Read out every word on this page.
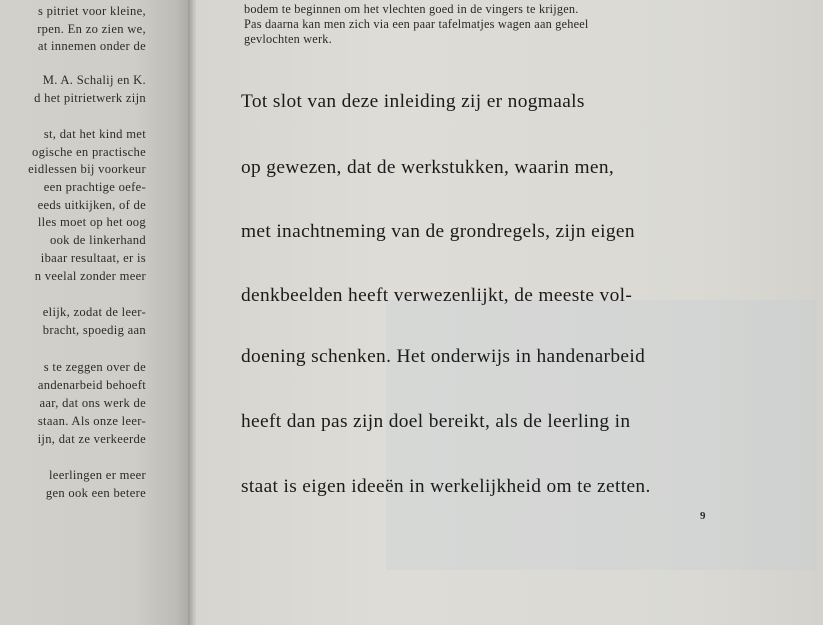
s pitriet voor kleine,
rpen. En zo zien we,
at innemen onder de
M. A. Schalij en K.
d het pitrietwerk zijn
st, dat het kind met
ogische en practische
eidlessen bij voorkeur
een prachtige oefe-
eeds uitkijken, of de
lles moet op het oog
ook de linkerhand
ibaar resultaat, er is
n veelal zonder meer
elijk, zodat de leer-
bracht, spoedig aan
s te zeggen over de
andenarbeid behoeft
aar, dat ons werk de
staan. Als onze leer-
ijn, dat ze verkeerde
leerlingen er meer
gen ook een betere
bodem te beginnen om het vlechten goed in de vingers te krijgen.
Pas daarna kan men zich via een paar tafelmatjes wagen aan geheel
gevlochten werk.
Tot slot van deze inleiding zij er nogmaals
op gewezen, dat de werkstukken, waarin men,
met inachtneming van de grondregels, zijn eigen
denkbeelden heeft verwezenlijkt, de meeste vol-
doening schenken. Het onderwijs in handenarbeid
heeft dan pas zijn doel bereikt, als de leerling in
staat is eigen ideeën in werkelijkheid om te zetten.
9
